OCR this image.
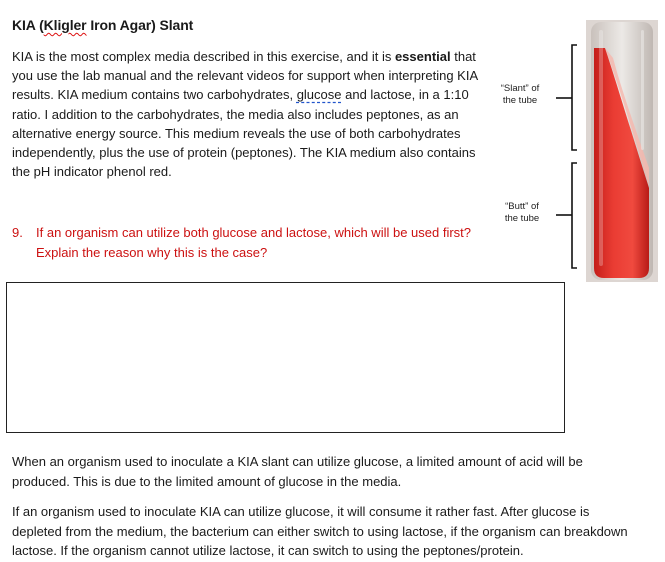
KIA (Kligler Iron Agar) Slant
KIA is the most complex media described in this exercise, and it is essential that you use the lab manual and the relevant videos for support when interpreting KIA results. KIA medium contains two carbohydrates, glucose and lactose, in a 1:10 ratio. I addition to the carbohydrates, the media also includes peptones, as an alternative energy source. This medium reveals the use of both carbohydrates independently, plus the use of protein (peptones). The KIA medium also contains the pH indicator phenol red.
9.	If an organism can utilize both glucose and lactose, which will be used first? Explain the reason why this is the case?
When an organism used to inoculate a KIA slant can utilize glucose, a limited amount of acid will be produced. This is due to the limited amount of glucose in the media.
If an organism used to inoculate KIA can utilize glucose, it will consume it rather fast. After glucose is depleted from the medium, the bacterium can either switch to using lactose, if the organism can breakdown lactose. If the organism cannot utilize lactose, it can switch to using the peptones/protein.
“Slant” of
the tube
“Butt” of
the tube
